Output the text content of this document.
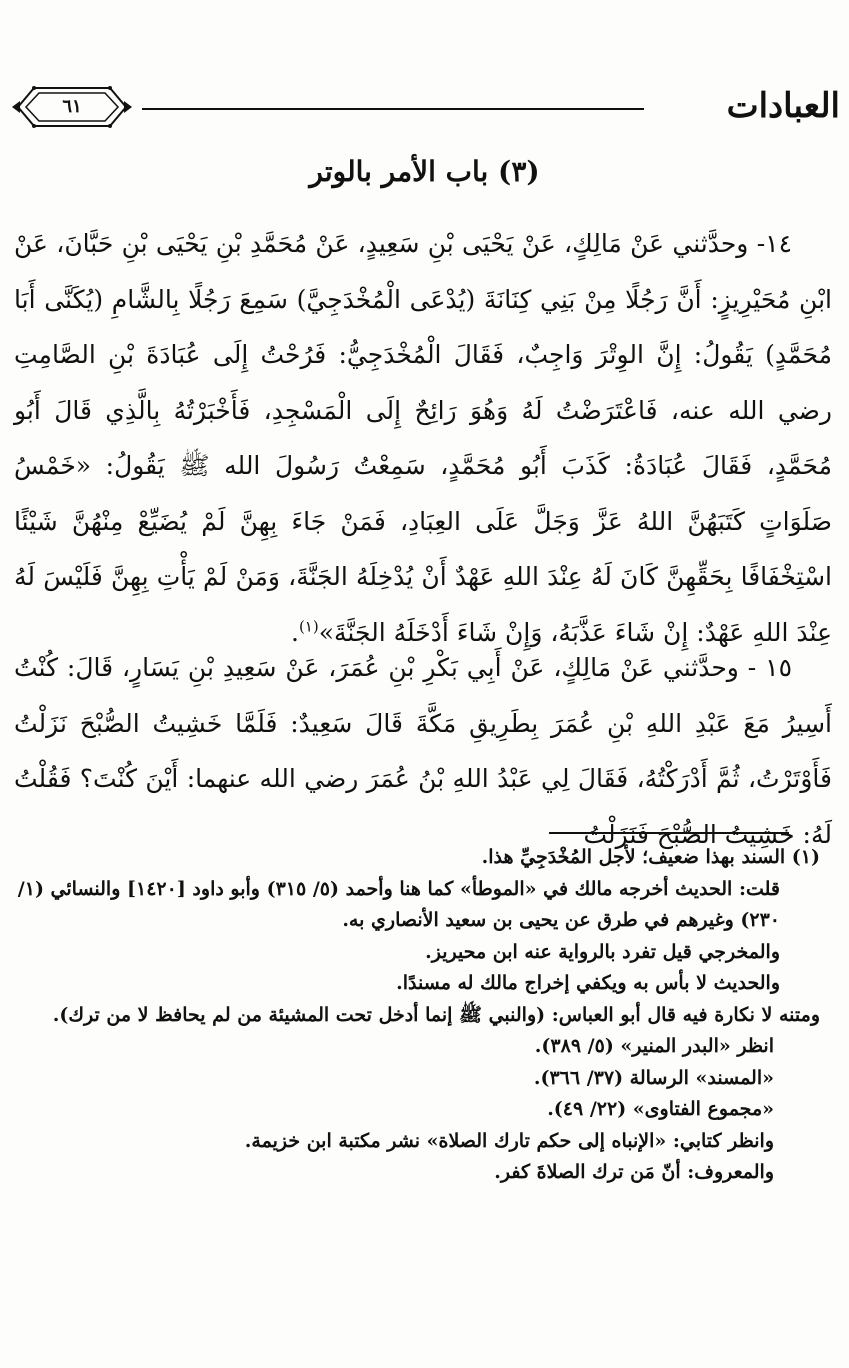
العبادات
٦١
(٣) باب الأمر بالوتر

١٤- وحدَّثني عَنْ مَالِكٍ، عَنْ يَحْيَى بْنِ سَعِيدٍ، عَنْ مُحَمَّدِ بْنِ يَحْيَى بْنِ حَبَّانَ، عَنْ ابْنِ مُحَيْرِيزٍ: أَنَّ رَجُلًا مِنْ بَنِي كِنَانَةَ (يُدْعَى الْمُخْدَجِيَّ) سَمِعَ رَجُلًا بِالشَّامِ (يُكَنَّى أَبَا مُحَمَّدٍ) يَقُولُ: إِنَّ الوِتْرَ وَاجِبٌ، فَقَالَ الْمُخْدَجِيُّ: فَرُحْتُ إِلَى عُبَادَةَ بْنِ الصَّامِتِ رضي الله عنه، فَاعْتَرَضْتُ لَهُ وَهُوَ رَائِحٌ إِلَى الْمَسْجِدِ، فَأَخْبَرْتُهُ بِالَّذِي قَالَ أَبُو مُحَمَّدٍ، فَقَالَ عُبَادَةُ: كَذَبَ أَبُو مُحَمَّدٍ، سَمِعْتُ رَسُولَ الله ﷺ يَقُولُ: «خَمْسُ صَلَوَاتٍ كَتَبَهُنَّ اللهُ عَزَّ وَجَلَّ عَلَى العِبَادِ، فَمَنْ جَاءَ بِهِنَّ لَمْ يُضَيِّعْ مِنْهُنَّ شَيْئًا اسْتِخْفَافًا بِحَقِّهِنَّ كَانَ لَهُ عِنْدَ اللهِ عَهْدٌ أَنْ يُدْخِلَهُ الجَنَّةَ، وَمَنْ لَمْ يَأْتِ بِهِنَّ فَلَيْسَ لَهُ عِنْدَ اللهِ عَهْدٌ: إِنْ شَاءَ عَذَّبَهُ، وَإِنْ شَاءَ أَدْخَلَهُ الجَنَّةَ»$^{(١)}$.

١٥ - وحدَّثني عَنْ مَالِكٍ، عَنْ أَبِي بَكْرِ بْنِ عُمَرَ، عَنْ سَعِيدِ بْنِ يَسَارٍ، قَالَ: كُنْتُ أَسِيرُ مَعَ عَبْدِ اللهِ بْنِ عُمَرَ بِطَرِيقِ مَكَّةَ قَالَ سَعِيدٌ: فَلَمَّا خَشِيتُ الصُّبْحَ نَزَلْتُ فَأَوْتَرْتُ، ثُمَّ أَدْرَكْتُهُ، فَقَالَ لِي عَبْدُ اللهِ بْنُ عُمَرَ رضي الله عنهما: أَيْنَ كُنْتَ؟ فَقُلْتُ لَهُ: خَشِيتُ الصُّبْحَ فَنَزَلْتُ

(١) السند بهذا ضعيف؛ لأجل المُخْدَجِيِّ هذا.

قلت: الحديث أخرجه مالك في «الموطأ» كما هنا وأحمد (٥/ ٣١٥) وأبو داود [١٤٢٠] والنسائي (١/ ٢٣٠) وغيرهم في طرق عن يحيى بن سعيد الأنصاري به.

والمخرجي قيل تفرد بالرواية عنه ابن محيريز.

والحديث لا بأس به ويكفي إخراج مالك له مسندًا.

ومتنه لا نكارة فيه قال أبو العباس: (والنبي ﷺ إنما أدخل تحت المشيئة من لم يحافظ لا من ترك).

انظر «البدر المنير» (٥/ ٣٨٩).

«المسند» الرسالة (٣٧/ ٣٦٦).

«مجموع الفتاوى» (٢٢/ ٤٩).

وانظر كتابي: «الإنباه إلى حكم تارك الصلاة» نشر مكتبة ابن خزيمة.

والمعروف: أنّ مَن ترك الصلاةَ كفر.
